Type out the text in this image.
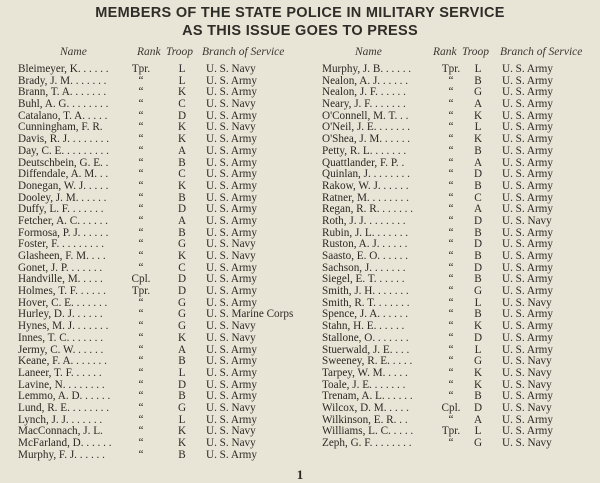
MEMBERS OF THE STATE POLICE IN MILITARY SERVICE
AS THIS ISSUE GOES TO PRESS
Name	Rank Troop Branch of Service	Name	Rank Troop Branch of Service
Bleimeyer, K. . . . . .	Tpr.	L	U. S. Navy
Brady, J. M. . . . . . .	“	L	U. S. Army
Brann, T. A. . . . . . .	“	K	U. S. Army
Buhl, A. G. . . . . . . .	“	C	U. S. Navy
Catalano, T. A. . . . .	“	D	U. S. Army
Cunningham, F. R.	“	K	U. S. Navy
Davis, R. J. . . . . . . .	“	K	U. S. Army
Day, C. E. . . . . . . . .	“	A	U. S. Army
Deutschbein, G. E. .	“	B	U. S. Army
Diffendale, A. M. . .	“	C	U. S. Army
Donegan, W. J. . . . .	“	K	U. S. Army
Dooley, J. M. . . . . .	“	B	U. S. Army
Duffy, L. F. . . . . . .	“	D	U. S. Army
Fetcher, A. C. . . . . .	“	A	U. S. Army
Formosa, P. J. . . . . .	“	B	U. S. Army
Foster, F. . . . . . . . .	“	G	U. S. Navy
Glasheen, F. M. . . .	“	K	U. S. Navy
Gonet, J. P. . . . . . .	“	C	U. S. Army
Handville, M. . . . .	Cpl.	D	U. S. Army
Holmes, T. F. . . . . .	Tpr.	D	U. S. Army
Hover, C. E. . . . . . .	“	G	U. S. Army
Hurley, D. J. . . . . .	“	G	U. S. Marine Corps
Hynes, M. J. . . . . . .	“	G	U. S. Navy
Innes, T. C. . . . . . .	“	K	U. S. Navy
Jermy, C. W. . . . . .	“	A	U. S. Army
Keane, F. A. . . . . . .	“	B	U. S. Army
Laneer, T. F. . . . . .	“	L	U. S. Army
Lavine, N. . . . . . . .	“	D	U. S. Army
Lemmo, A. D. . . . . .	“	B	U. S. Army
Lund, R. E. . . . . . . .	“	G	U. S. Navy
Lynch, J. J. . . . . . .	“	L	U. S. Army
MacConnach, J. L.	“	K	U. S. Navy
McFarland, D. . . . . .	“	K	U. S. Navy
Murphy, F. J. . . . . .	“	B	U. S. Army
Murphy, J. B. . . . . .	Tpr.	L	U. S. Army
Nealon, A. J. . . . . .	“	B	U. S. Army
Nealon, J. F. . . . . .	“	G	U. S. Army
Neary, J. F. . . . . . .	“	A	U. S. Army
O'Connell, M. T. . .	“	K	U. S. Army
O'Neil, J. E. . . . . . .	“	L	U. S. Army
O'Shea, J. M. . . . . .	“	K	U. S. Army
Petty, R. L. . . . . . .	“	B	U. S. Army
Quattlander, F. P. .	“	A	U. S. Army
Quinlan, J. . . . . . . .	“	D	U. S. Army
Rakow, W. J. . . . . .	“	B	U. S. Army
Ratner, M. . . . . . . .	“	C	U. S. Army
Regan, R. R. . . . . . .	“	A	U. S. Army
Roth, J. J. . . . . . . .	“	D	U. S. Navy
Rubin, J. L. . . . . . .	“	B	U. S. Army
Ruston, A. J. . . . . .	“	D	U. S. Army
Saasto, E. O. . . . . .	“	B	U. S. Army
Sachson, J. . . . . . .	“	D	U. S. Army
Siegel, E. T. . . . . .	“	B	U. S. Army
Smith, J. H. . . . . . .	“	G	U. S. Army
Smith, R. T. . . . . . .	“	L	U. S. Navy
Spence, J. A. . . . . .	“	B	U. S. Army
Stahn, H. E. . . . . .	“	K	U. S. Army
Stallone, O. . . . . . .	“	D	U. S. Army
Stuerwald, J. E. . . .	“	L	U. S. Army
Sweeney, R. E. . . . .	“	G	U. S. Navy
Tarpey, W. M. . . . .	“	K	U. S. Navy
Toale, J. E. . . . . . .	“	K	U. S. Navy
Trenam, A. L. . . . . .	“	B	U. S. Army
Wilcox, D. M. . . . .	Cpl.	D	U. S. Navy
Wilkinson, E. R. . .	“	A	U. S. Army
Williams, L. C. . . . .	Tpr.	L	U. S. Army
Zeph, G. F. . . . . . . .	“	G	U. S. Navy
1
